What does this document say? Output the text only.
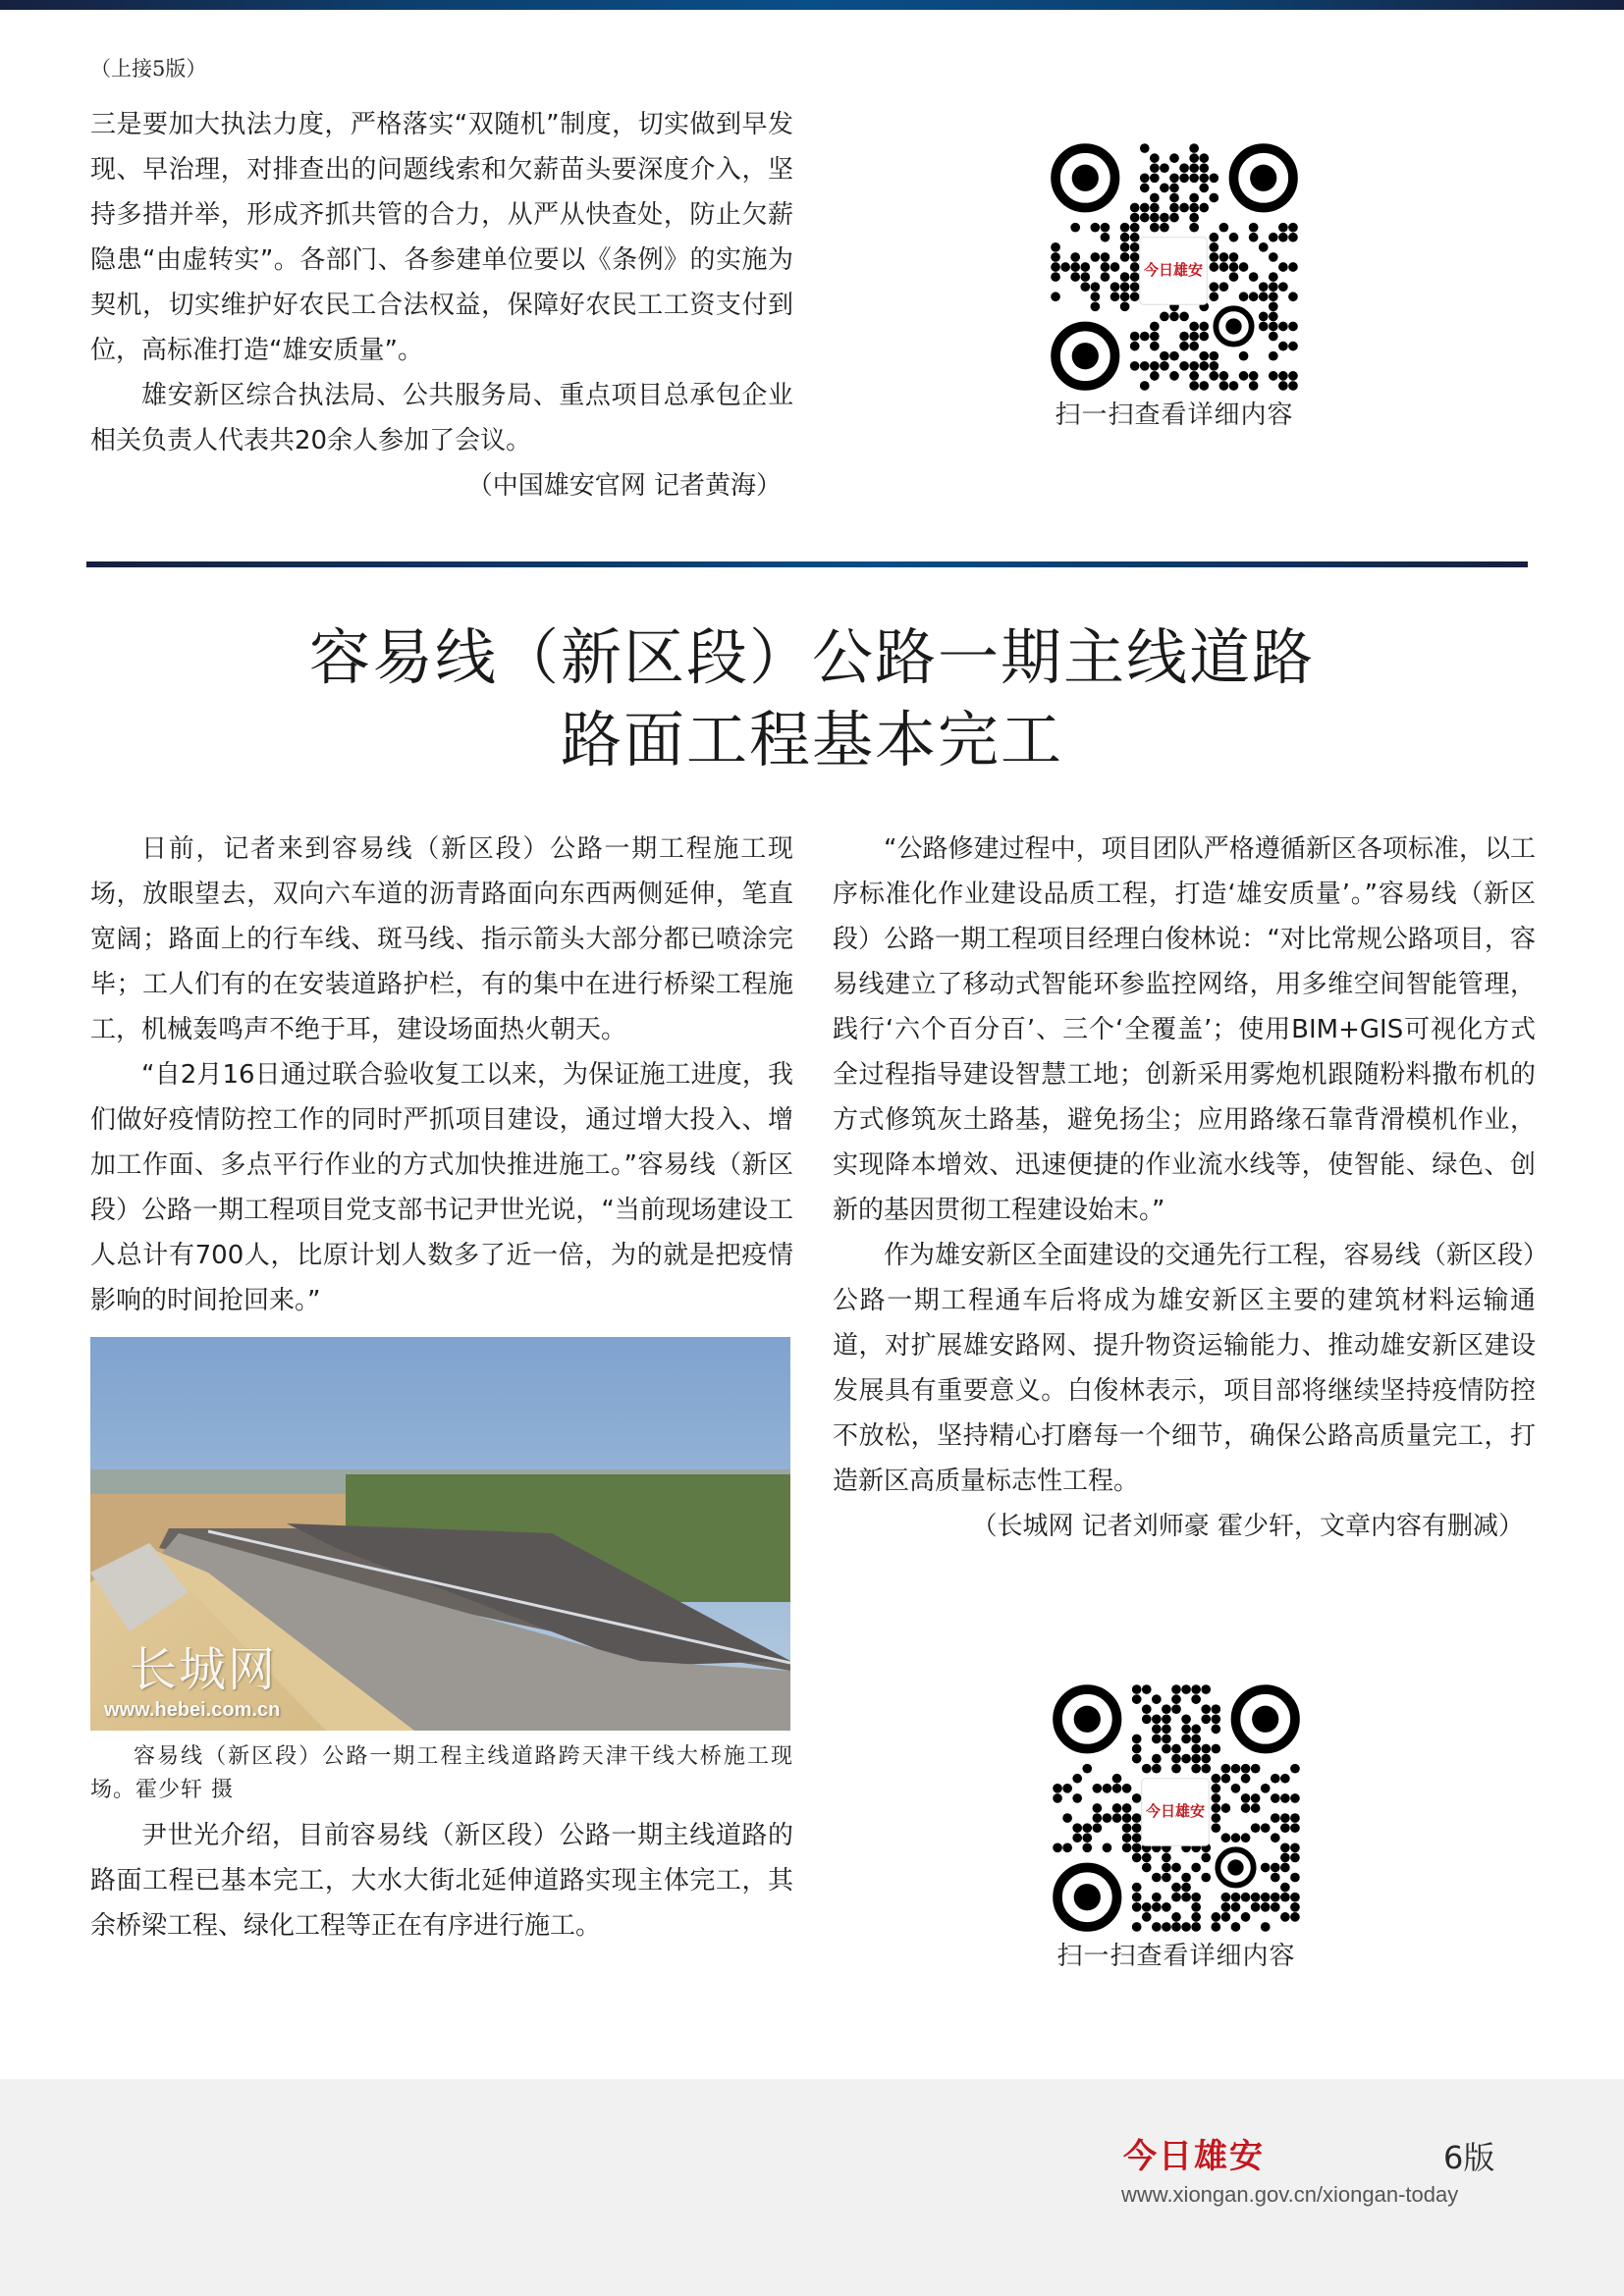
（上接5版）

三是要加大执法力度，严格落实“双随机”制度，切实做到早发现、早治理，对排查出的问题线索和欠薪苗头要深度介入，坚持多措并举，形成齐抓共管的合力，从严从快查处，防止欠薪隐患“由虚转实”。各部门、各参建单位要以《条例》的实施为契机，切实维护好农民工合法权益，保障好农民工工资支付到位，高标准打造“雄安质量”。

雄安新区综合执法局、公共服务局、重点项目总承包企业相关负责人代表共20余人参加了会议。

（中国雄安官网 记者黄海）

今日雄安
扫一扫查看详细内容
容易线（新区段）公路一期主线道路
路面工程基本完工

日前，记者来到容易线（新区段）公路一期工程施工现场，放眼望去，双向六车道的沥青路面向东西两侧延伸，笔直宽阔；路面上的行车线、斑马线、指示箭头大部分都已喷涂完毕；工人们有的在安装道路护栏，有的集中在进行桥梁工程施工，机械轰鸣声不绝于耳，建设场面热火朝天。

“自2月16日通过联合验收复工以来，为保证施工进度，我们做好疫情防控工作的同时严抓项目建设，通过增大投入、增加工作面、多点平行作业的方式加快推进施工。”容易线（新区段）公路一期工程项目党支部书记尹世光说，“当前现场建设工人总计有700人，比原计划人数多了近一倍，为的就是把疫情影响的时间抢回来。”

长城网
www.hebei.com.cn

容易线（新区段）公路一期工程主线道路跨天津干线大桥施工现场。霍少轩 摄

尹世光介绍，目前容易线（新区段）公路一期主线道路的路面工程已基本完工，大水大街北延伸道路实现主体完工，其余桥梁工程、绿化工程等正在有序进行施工。

“公路修建过程中，项目团队严格遵循新区各项标准，以工序标准化作业建设品质工程，打造‘雄安质量’。”容易线（新区段）公路一期工程项目经理白俊林说：“对比常规公路项目，容易线建立了移动式智能环参监控网络，用多维空间智能管理，践行‘六个百分百’、三个‘全覆盖’；使用BIM+GIS可视化方式全过程指导建设智慧工地；创新采用雾炮机跟随粉料撒布机的方式修筑灰土路基，避免扬尘；应用路缘石靠背滑模机作业，实现降本增效、迅速便捷的作业流水线等，使智能、绿色、创新的基因贯彻工程建设始末。”

作为雄安新区全面建设的交通先行工程，容易线（新区段）公路一期工程通车后将成为雄安新区主要的建筑材料运输通道，对扩展雄安路网、提升物资运输能力、推动雄安新区建设发展具有重要意义。白俊林表示，项目部将继续坚持疫情防控不放松，坚持精心打磨每一个细节，确保公路高质量完工，打造新区高质量标志性工程。

（长城网 记者刘师豪 霍少轩，文章内容有删减）

今日雄安
扫一扫查看详细内容
今日雄安	6版
www.xiongan.gov.cn/xiongan-today
